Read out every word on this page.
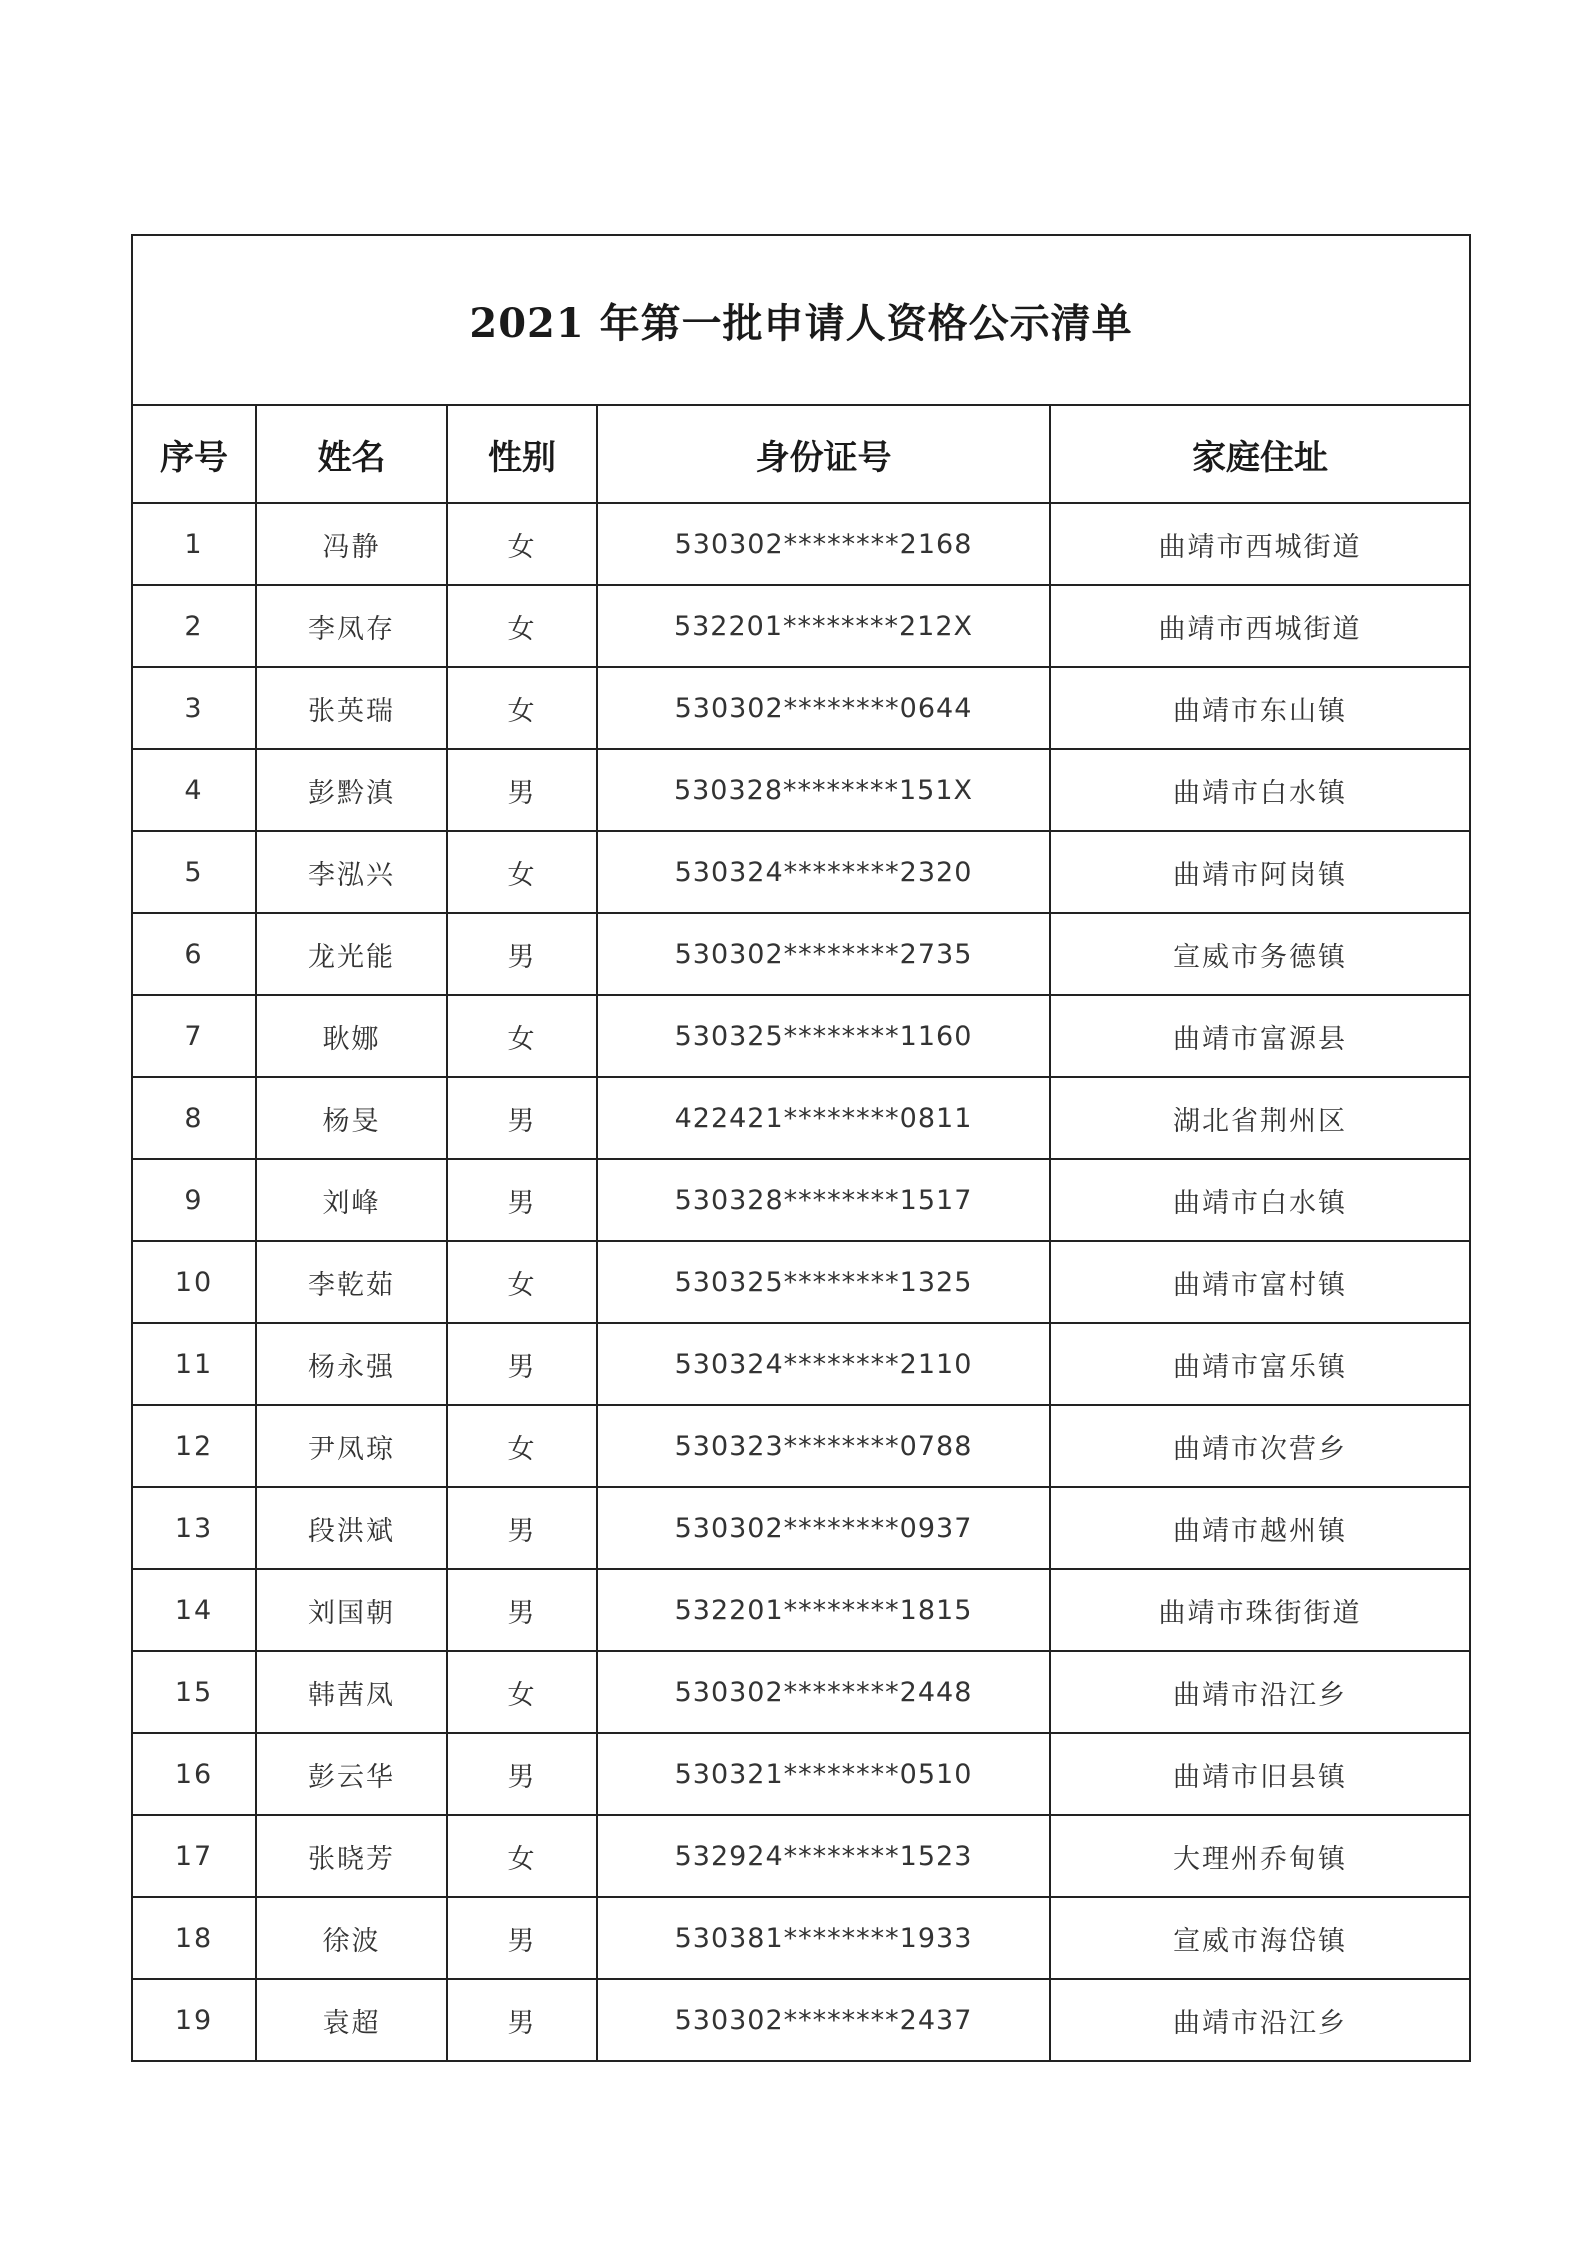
2021 年第一批申请人资格公示清单				
序号	姓名	性别	身份证号	家庭住址
1	冯静	女	530302********2168	曲靖市西城街道
2	李凤存	女	532201********212X	曲靖市西城街道
3	张英瑞	女	530302********0644	曲靖市东山镇
4	彭黔滇	男	530328********151X	曲靖市白水镇
5	李泓兴	女	530324********2320	曲靖市阿岗镇
6	龙光能	男	530302********2735	宣威市务德镇
7	耿娜	女	530325********1160	曲靖市富源县
8	杨旻	男	422421********0811	湖北省荆州区
9	刘峰	男	530328********1517	曲靖市白水镇
10	李乾茹	女	530325********1325	曲靖市富村镇
11	杨永强	男	530324********2110	曲靖市富乐镇
12	尹凤琼	女	530323********0788	曲靖市次营乡
13	段洪斌	男	530302********0937	曲靖市越州镇
14	刘国朝	男	532201********1815	曲靖市珠街街道
15	韩茜凤	女	530302********2448	曲靖市沿江乡
16	彭云华	男	530321********0510	曲靖市旧县镇
17	张晓芳	女	532924********1523	大理州乔甸镇
18	徐波	男	530381********1933	宣威市海岱镇
19	袁超	男	530302********2437	曲靖市沿江乡
